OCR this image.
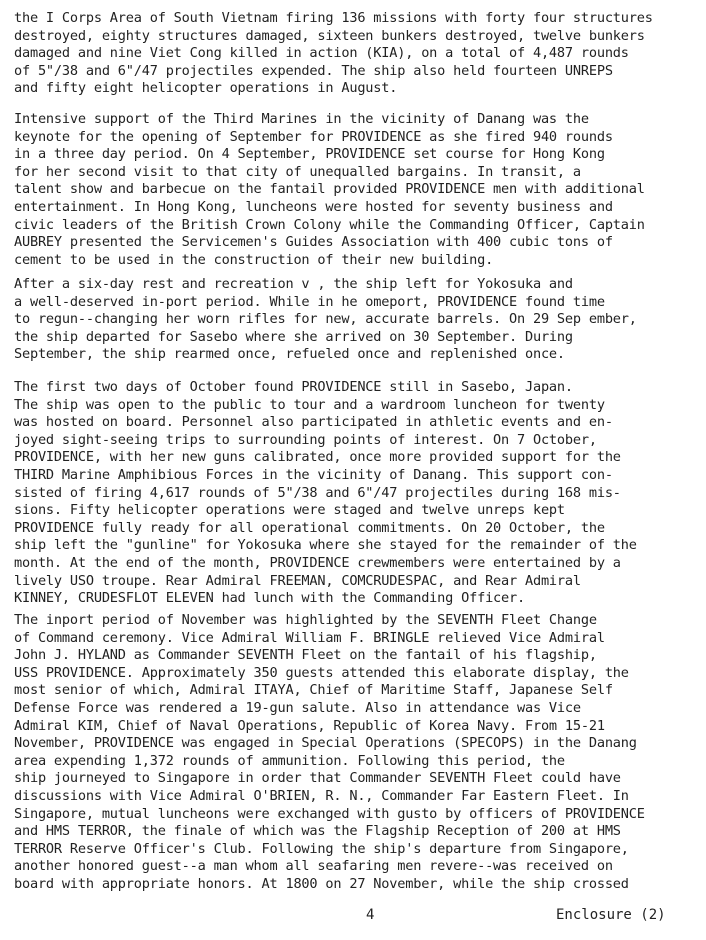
the I Corps Area of South Vietnam firing 136 missions with forty four structures
destroyed, eighty structures damaged, sixteen bunkers destroyed, twelve bunkers
damaged and nine Viet Cong killed in action (KIA), on a total of 4,487 rounds
of 5"/38 and 6"/47 projectiles expended. The ship also held fourteen UNREPS
and fifty eight helicopter operations in August.
Intensive support of the Third Marines in the vicinity of Danang was the
keynote for the opening of September for PROVIDENCE as she fired 940 rounds
in a three day period. On 4 September, PROVIDENCE set course for Hong Kong
for her second visit to that city of unequalled bargains. In transit, a
talent show and barbecue on the fantail provided PROVIDENCE men with additional
entertainment. In Hong Kong, luncheons were hosted for seventy business and
civic leaders of the British Crown Colony while the Commanding Officer, Captain
AUBREY presented the Servicemen's Guides Association with 400 cubic tons of
cement to be used in the construction of their new building.
After a six-day rest and recreation v , the ship left for Yokosuka and
a well-deserved in-port period. While in he omeport, PROVIDENCE found time
to regun--changing her worn rifles for new, accurate barrels. On 29 Sep ember,
the ship departed for Sasebo where she arrived on 30 September. During
September, the ship rearmed once, refueled once and replenished once.
The first two days of October found PROVIDENCE still in Sasebo, Japan.
The ship was open to the public to tour and a wardroom luncheon for twenty
was hosted on board. Personnel also participated in athletic events and en-
joyed sight-seeing trips to surrounding points of interest. On 7 October,
PROVIDENCE, with her new guns calibrated, once more provided support for the
THIRD Marine Amphibious Forces in the vicinity of Danang. This support con-
sisted of firing 4,617 rounds of 5"/38 and 6"/47 projectiles during 168 mis-
sions. Fifty helicopter operations were staged and twelve unreps kept
PROVIDENCE fully ready for all operational commitments. On 20 October, the
ship left the "gunline" for Yokosuka where she stayed for the remainder of the
month. At the end of the month, PROVIDENCE crewmembers were entertained by a
lively USO troupe. Rear Admiral FREEMAN, COMCRUDESPAC, and Rear Admiral
KINNEY, CRUDESFLOT ELEVEN had lunch with the Commanding Officer.
The inport period of November was highlighted by the SEVENTH Fleet Change
of Command ceremony. Vice Admiral William F. BRINGLE relieved Vice Admiral
John J. HYLAND as Commander SEVENTH Fleet on the fantail of his flagship,
USS PROVIDENCE. Approximately 350 guests attended this elaborate display, the
most senior of which, Admiral ITAYA, Chief of Maritime Staff, Japanese Self
Defense Force was rendered a 19-gun salute. Also in attendance was Vice
Admiral KIM, Chief of Naval Operations, Republic of Korea Navy. From 15-21
November, PROVIDENCE was engaged in Special Operations (SPECOPS) in the Danang
area expending 1,372 rounds of ammunition. Following this period, the
ship journeyed to Singapore in order that Commander SEVENTH Fleet could have
discussions with Vice Admiral O'BRIEN, R. N., Commander Far Eastern Fleet. In
Singapore, mutual luncheons were exchanged with gusto by officers of PROVIDENCE
and HMS TERROR, the finale of which was the Flagship Reception of 200 at HMS
TERROR Reserve Officer's Club. Following the ship's departure from Singapore,
another honored guest--a man whom all seafaring men revere--was received on
board with appropriate honors. At 1800 on 27 November, while the ship crossed
4	Enclosure (2)
